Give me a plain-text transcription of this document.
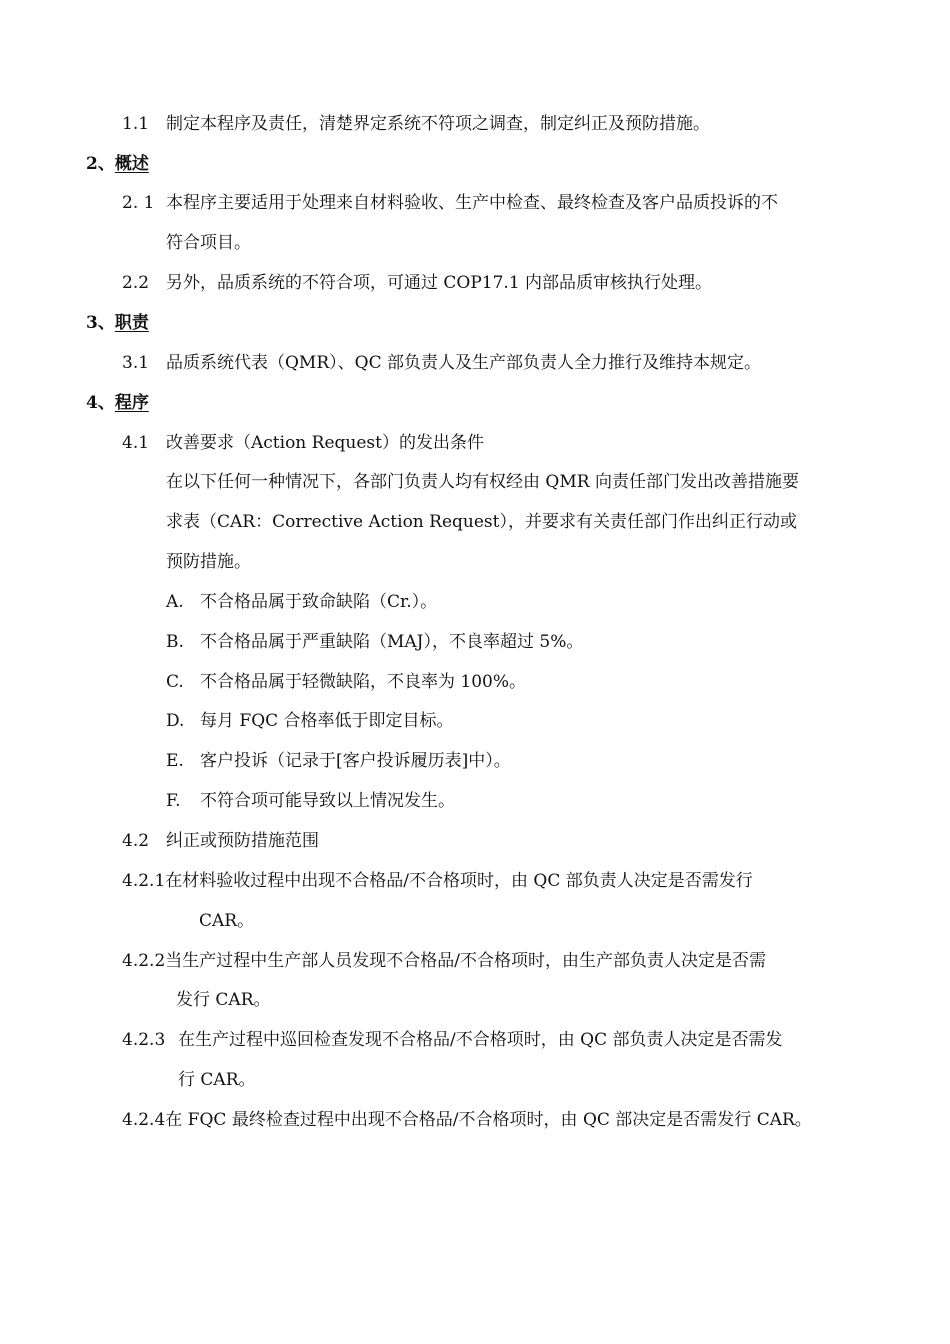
1.1 制定本程序及责任，清楚界定系统不符项之调查，制定纠正及预防措施。
2、概述
2. 1 本程序主要适用于处理来自材料验收、生产中检查、最终检查及客户品质投诉的不
符合项目。
2.2 另外，品质系统的不符合项，可通过 COP17.1 内部品质审核执行处理。
3、职责
3.1 品质系统代表（QMR）、QC 部负责人及生产部负责人全力推行及维持本规定。
4、程序
4.1 改善要求（Action Request）的发出条件
在以下任何一种情况下，各部门负责人均有权经由 QMR 向责任部门发出改善措施要
求表（CAR：Corrective Action Request），并要求有关责任部门作出纠正行动或
预防措施。
A. 不合格品属于致命缺陷（Cr.）。
B. 不合格品属于严重缺陷（MAJ），不良率超过 5%。
C. 不合格品属于轻微缺陷，不良率为 100%。
D. 每月 FQC 合格率低于即定目标。
E. 客户投诉（记录于[客户投诉履历表]中）。
F. 不符合项可能导致以上情况发生。
4.2 纠正或预防措施范围
4.2.1在材料验收过程中出现不合格品/不合格项时，由 QC 部负责人决定是否需发行
CAR。
4.2.2当生产过程中生产部人员发现不合格品/不合格项时，由生产部负责人决定是否需
发行 CAR。
4.2.3 在生产过程中巡回检查发现不合格品/不合格项时，由 QC 部负责人决定是否需发
行 CAR。
4.2.4在 FQC 最终检查过程中出现不合格品/不合格项时，由 QC 部决定是否需发行 CAR。
